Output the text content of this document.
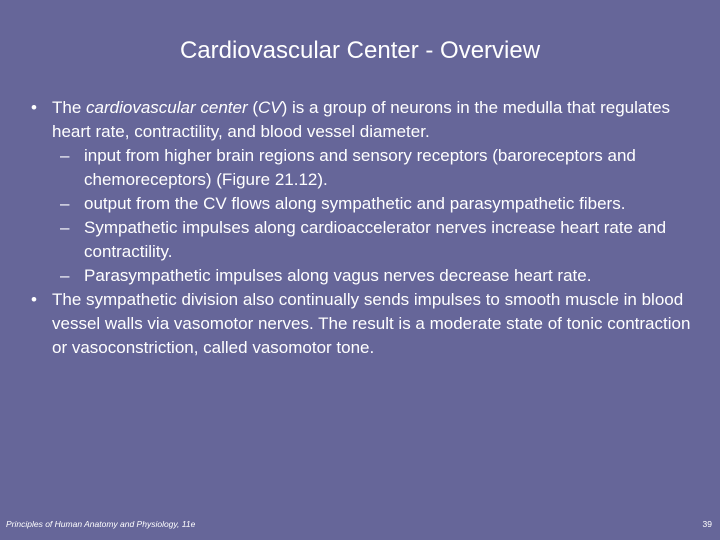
Cardiovascular Center - Overview
• The cardiovascular center (CV) is a group of neurons in the medulla that regulates heart rate, contractility, and blood vessel diameter.
– input from higher brain regions and sensory receptors (baroreceptors and chemoreceptors) (Figure 21.12).
– output from the CV flows along sympathetic and parasympathetic fibers.
– Sympathetic impulses along cardioaccelerator nerves increase heart rate and contractility.
– Parasympathetic impulses along vagus nerves decrease heart rate.
• The sympathetic division also continually sends impulses to smooth muscle in blood vessel walls via vasomotor nerves. The result is a moderate state of tonic contraction or vasoconstriction, called vasomotor tone.
Principles of Human Anatomy and Physiology, 11e	39
